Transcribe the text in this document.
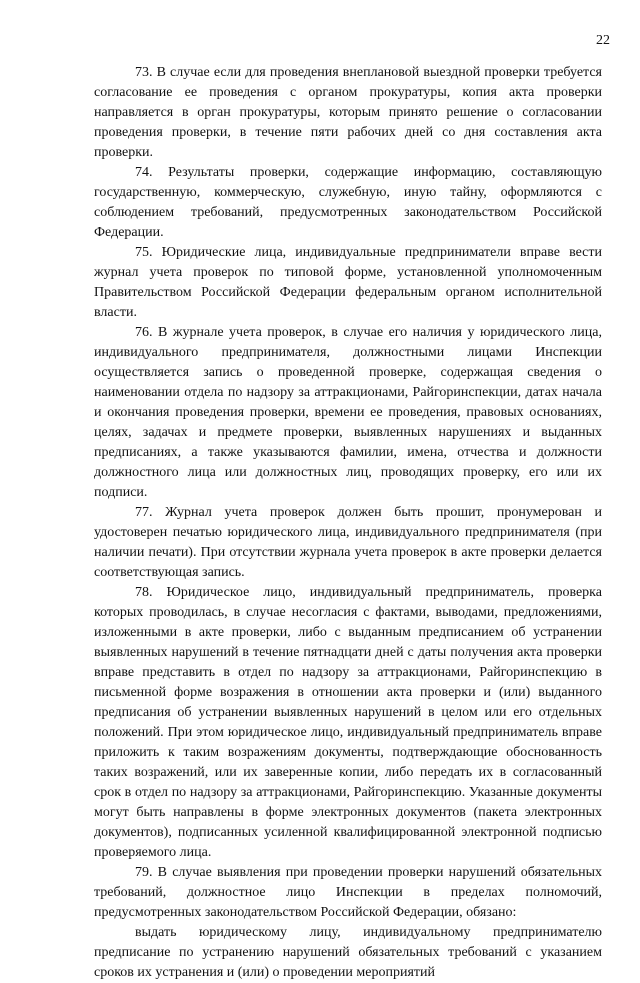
22

73. В случае если для проведения внеплановой выездной проверки требуется согласование ее проведения с органом прокуратуры, копия акта проверки направляется в орган прокуратуры, которым принято решение о согласовании проведения проверки, в течение пяти рабочих дней со дня составления акта проверки.

74. Результаты проверки, содержащие информацию, составляющую государственную, коммерческую, служебную, иную тайну, оформляются с соблюдением требований, предусмотренных законодательством Российской Федерации.

75. Юридические лица, индивидуальные предприниматели вправе вести журнал учета проверок по типовой форме, установленной уполномоченным Правительством Российской Федерации федеральным органом исполнительной власти.

76. В журнале учета проверок, в случае его наличия у юридического лица, индивидуального предпринимателя, должностными лицами Инспекции осуществляется запись о проведенной проверке, содержащая сведения о наименовании отдела по надзору за аттракционами, Райгоринспекции, датах начала и окончания проведения проверки, времени ее проведения, правовых основаниях, целях, задачах и предмете проверки, выявленных нарушениях и выданных предписаниях, а также указываются фамилии, имена, отчества и должности должностного лица или должностных лиц, проводящих проверку, его или их подписи.

77. Журнал учета проверок должен быть прошит, пронумерован и удостоверен печатью юридического лица, индивидуального предпринимателя (при наличии печати). При отсутствии журнала учета проверок в акте проверки делается соответствующая запись.

78. Юридическое лицо, индивидуальный предприниматель, проверка которых проводилась, в случае несогласия с фактами, выводами, предложениями, изложенными в акте проверки, либо с выданным предписанием об устранении выявленных нарушений в течение пятнадцати дней с даты получения акта проверки вправе представить в отдел по надзору за аттракционами, Райгоринспекцию в письменной форме возражения в отношении акта проверки и (или) выданного предписания об устранении выявленных нарушений в целом или его отдельных положений. При этом юридическое лицо, индивидуальный предприниматель вправе приложить к таким возражениям документы, подтверждающие обоснованность таких возражений, или их заверенные копии, либо передать их в согласованный срок в отдел по надзору за аттракционами, Райгоринспекцию. Указанные документы могут быть направлены в форме электронных документов (пакета электронных документов), подписанных усиленной квалифицированной электронной подписью проверяемого лица.

79. В случае выявления при проведении проверки нарушений обязательных требований, должностное лицо Инспекции в пределах полномочий, предусмотренных законодательством Российской Федерации, обязано:

выдать юридическому лицу, индивидуальному предпринимателю предписание по устранению нарушений обязательных требований с указанием сроков их устранения и (или) о проведении мероприятий
